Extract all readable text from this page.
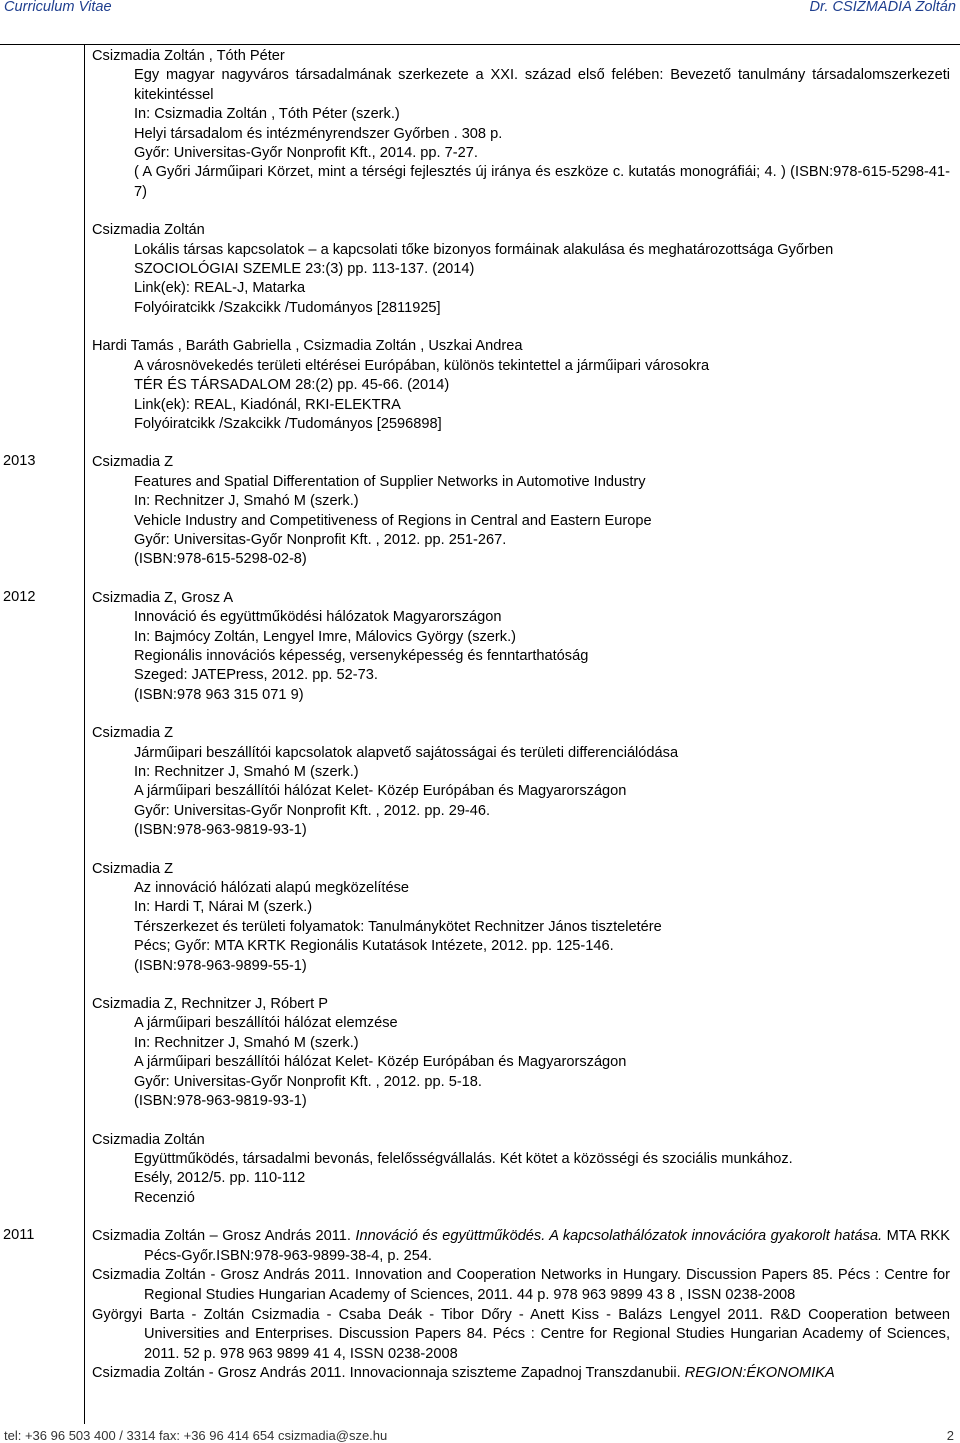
Curriculum Vitae	Dr. CSIZMADIA Zoltán
Csizmadia Zoltán , Tóth Péter
Egy magyar nagyváros társadalmának szerkezete a XXI. század első felében: Bevezető tanulmány társadalomszerkezeti kitekintéssel
In: Csizmadia Zoltán , Tóth Péter (szerk.)
Helyi társadalom és intézményrendszer Győrben . 308 p.
Győr: Universitas-Győr Nonprofit Kft., 2014. pp. 7-27.
( A Győri Járműipari Körzet, mint a térségi fejlesztés új iránya és eszköze c. kutatás monográfiái; 4. ) (ISBN:978-615-5298-41-7)
Csizmadia Zoltán
Lokális társas kapcsolatok – a kapcsolati tőke bizonyos formáinak alakulása és meghatározottsága Győrben
SZOCIOLÓGIAI SZEMLE 23:(3) pp. 113-137. (2014)
Link(ek): REAL-J, Matarka
Folyóiratcikk /Szakcikk /Tudományos [2811925]
Hardi Tamás , Baráth Gabriella , Csizmadia Zoltán , Uszkai Andrea
A városnövekedés területi eltérései Európában, különös tekintettel a járműipari városokra
TÉR ÉS TÁRSADALOM 28:(2) pp. 45-66. (2014)
Link(ek): REAL, Kiadónál, RKI-ELEKTRA
Folyóiratcikk /Szakcikk /Tudományos [2596898]
2013	Csizmadia Z
Features and Spatial Differentation of Supplier Networks in Automotive Industry
In: Rechnitzer J, Smahó M (szerk.)
Vehicle Industry and Competitiveness of Regions in Central and Eastern Europe
Győr: Universitas-Győr Nonprofit Kft. , 2012. pp. 251-267.
(ISBN:978-615-5298-02-8)
2012	Csizmadia Z, Grosz A
Innováció és együttműködési hálózatok Magyarországon
In: Bajmócy Zoltán, Lengyel Imre, Málovics György (szerk.)
Regionális innovációs képesség, versenyképesség és fenntarthatóság
Szeged: JATEPress, 2012. pp. 52-73.
(ISBN:978 963 315 071 9)
Csizmadia Z
Járműipari beszállítói kapcsolatok alapvető sajátosságai és területi differenciálódása
In: Rechnitzer J, Smahó M (szerk.)
A járműipari beszállítói hálózat Kelet- Közép Európában és Magyarországon
Győr: Universitas-Győr Nonprofit Kft. , 2012. pp. 29-46.
(ISBN:978-963-9819-93-1)
Csizmadia Z
Az innováció hálózati alapú megközelítése
In: Hardi T, Nárai M (szerk.)
Térszerkezet és területi folyamatok: Tanulmánykötet Rechnitzer János tiszteletére
Pécs; Győr: MTA KRTK Regionális Kutatások Intézete, 2012. pp. 125-146.
(ISBN:978-963-9899-55-1)
Csizmadia Z, Rechnitzer J, Róbert P
A járműipari beszállítói hálózat elemzése
In: Rechnitzer J, Smahó M (szerk.)
A járműipari beszállítói hálózat Kelet- Közép Európában és Magyarországon
Győr: Universitas-Győr Nonprofit Kft. , 2012. pp. 5-18.
(ISBN:978-963-9819-93-1)
Csizmadia Zoltán
Együttműködés, társadalmi bevonás, felelősségvállalás. Két kötet a közösségi és szociális munkához.
Esély, 2012/5. pp. 110-112
Recenzió
2011	Csizmadia Zoltán – Grosz András 2011. Innováció és együttműködés. A kapcsolathálózatok innovációra gyakorolt hatása. MTA RKK Pécs-Győr.ISBN:978-963-9899-38-4, p. 254.

Csizmadia Zoltán - Grosz András 2011. Innovation and Cooperation Networks in Hungary. Discussion Papers 85. Pécs : Centre for Regional Studies Hungarian Academy of Sciences, 2011. 44 p. 978 963 9899 43 8 , ISSN 0238-2008

Györgyi Barta - Zoltán Csizmadia - Csaba Deák - Tibor Dőry - Anett Kiss - Balázs Lengyel 2011. R&D Cooperation between Universities and Enterprises. Discussion Papers 84. Pécs : Centre for Regional Studies Hungarian Academy of Sciences, 2011. 52 p. 978 963 9899 41 4, ISSN 0238-2008

Csizmadia Zoltán - Grosz András 2011. Innovacionnaja sziszteme Zapadnoj Transzdanubii. REGION:ÉKONOMIKA

tel: +36 96 503 400 / 3314 fax: +36 96 414 654 csizmadia@sze.hu	2
